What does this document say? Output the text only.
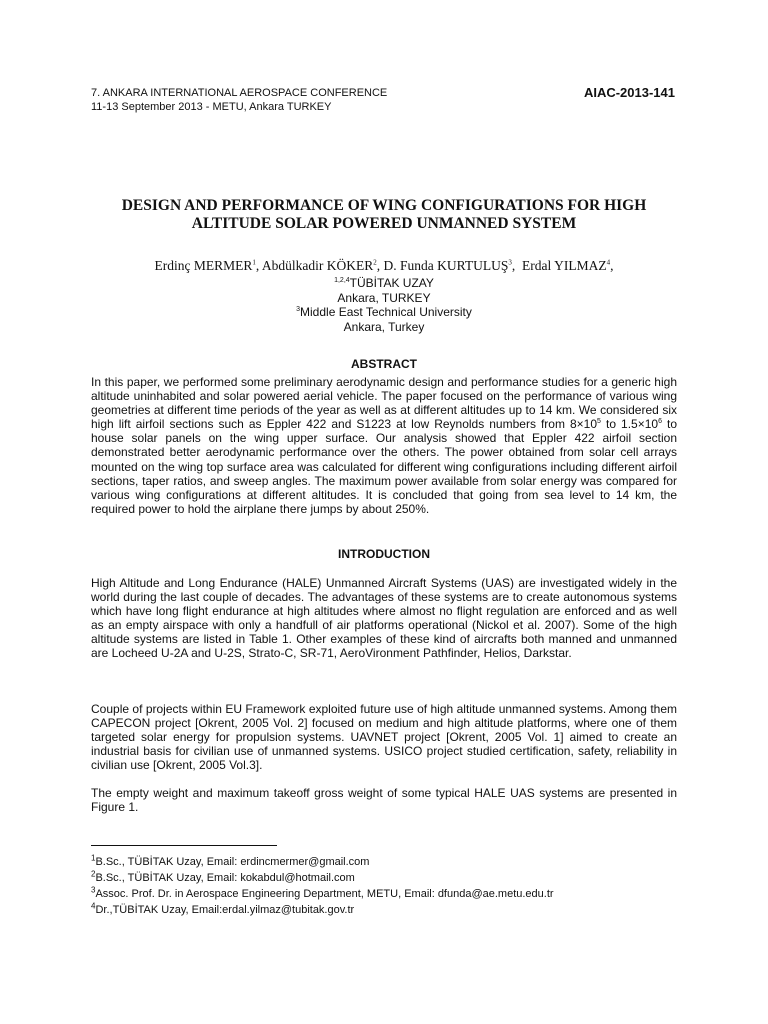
7. ANKARA INTERNATIONAL AEROSPACE CONFERENCE
11-13 September 2013 - METU, Ankara TURKEY
AIAC-2013-141
DESIGN AND PERFORMANCE OF WING CONFIGURATIONS FOR HIGH
ALTITUDE SOLAR POWERED UNMANNED SYSTEM
Erdinç MERMER$^1$, Abdülkadir KÖKER$^2$, D. Funda KURTULUŞ$^3$,  Erdal YILMAZ$^4$,
$^{1,2,4}$TÜBİTAK UZAY
Ankara, TURKEY
$^3$Middle East Technical University
Ankara, Turkey
ABSTRACT

In this paper, we performed some preliminary aerodynamic design and performance studies for a generic high altitude uninhabited and solar powered aerial vehicle. The paper focused on the performance of various wing geometries at different time periods of the year as well as at different altitudes up to 14 km. We considered six high lift airfoil sections such as Eppler 422 and S1223 at low Reynolds numbers from $8\times 10^5$ to $1.5\times 10^6$ to house solar panels on the wing upper surface. Our analysis showed that Eppler 422 airfoil section demonstrated better aerodynamic performance over the others. The power obtained from solar cell arrays mounted on the wing top surface area was calculated for different wing configurations including different airfoil sections, taper ratios, and sweep angles. The maximum power available from solar energy was compared for various wing configurations at different altitudes. It is concluded that going from sea level to 14 km, the required power to hold the airplane there jumps by about 250%.

INTRODUCTION

High Altitude and Long Endurance (HALE) Unmanned Aircraft Systems (UAS) are investigated widely in the world during the last couple of decades. The advantages of these systems are to create autonomous systems which have long flight endurance at high altitudes where almost no flight regulation are enforced and as well as an empty airspace with only a handfull of air platforms operational (Nickol et al. 2007). Some of the high altitude systems are listed in Table 1. Other examples of these kind of aircrafts both manned and unmanned are Locheed U-2A and U-2S, Strato-C, SR-71, AeroVironment Pathfinder, Helios, Darkstar.

Couple of projects within EU Framework exploited future use of high altitude unmanned systems. Among them CAPECON project [Okrent, 2005 Vol. 2] focused on medium and high altitude platforms, where one of them targeted solar energy for propulsion systems. UAVNET project [Okrent, 2005 Vol. 1] aimed to create an industrial basis for civilian use of unmanned systems. USICO project studied certification, safety, reliability in civilian use [Okrent, 2005 Vol.3].

The empty weight and maximum takeoff gross weight of some typical HALE UAS systems are presented in Figure 1.

$^1$B.Sc., TÜBİTAK Uzay, Email: erdincmermer@gmail.com
$^2$B.Sc., TÜBİTAK Uzay, Email: kokabdul@hotmail.com
$^3$Assoc. Prof. Dr. in Aerospace Engineering Department, METU, Email: dfunda@ae.metu.edu.tr
$^4$Dr.,TÜBİTAK Uzay, Email:erdal.yilmaz@tubitak.gov.tr
